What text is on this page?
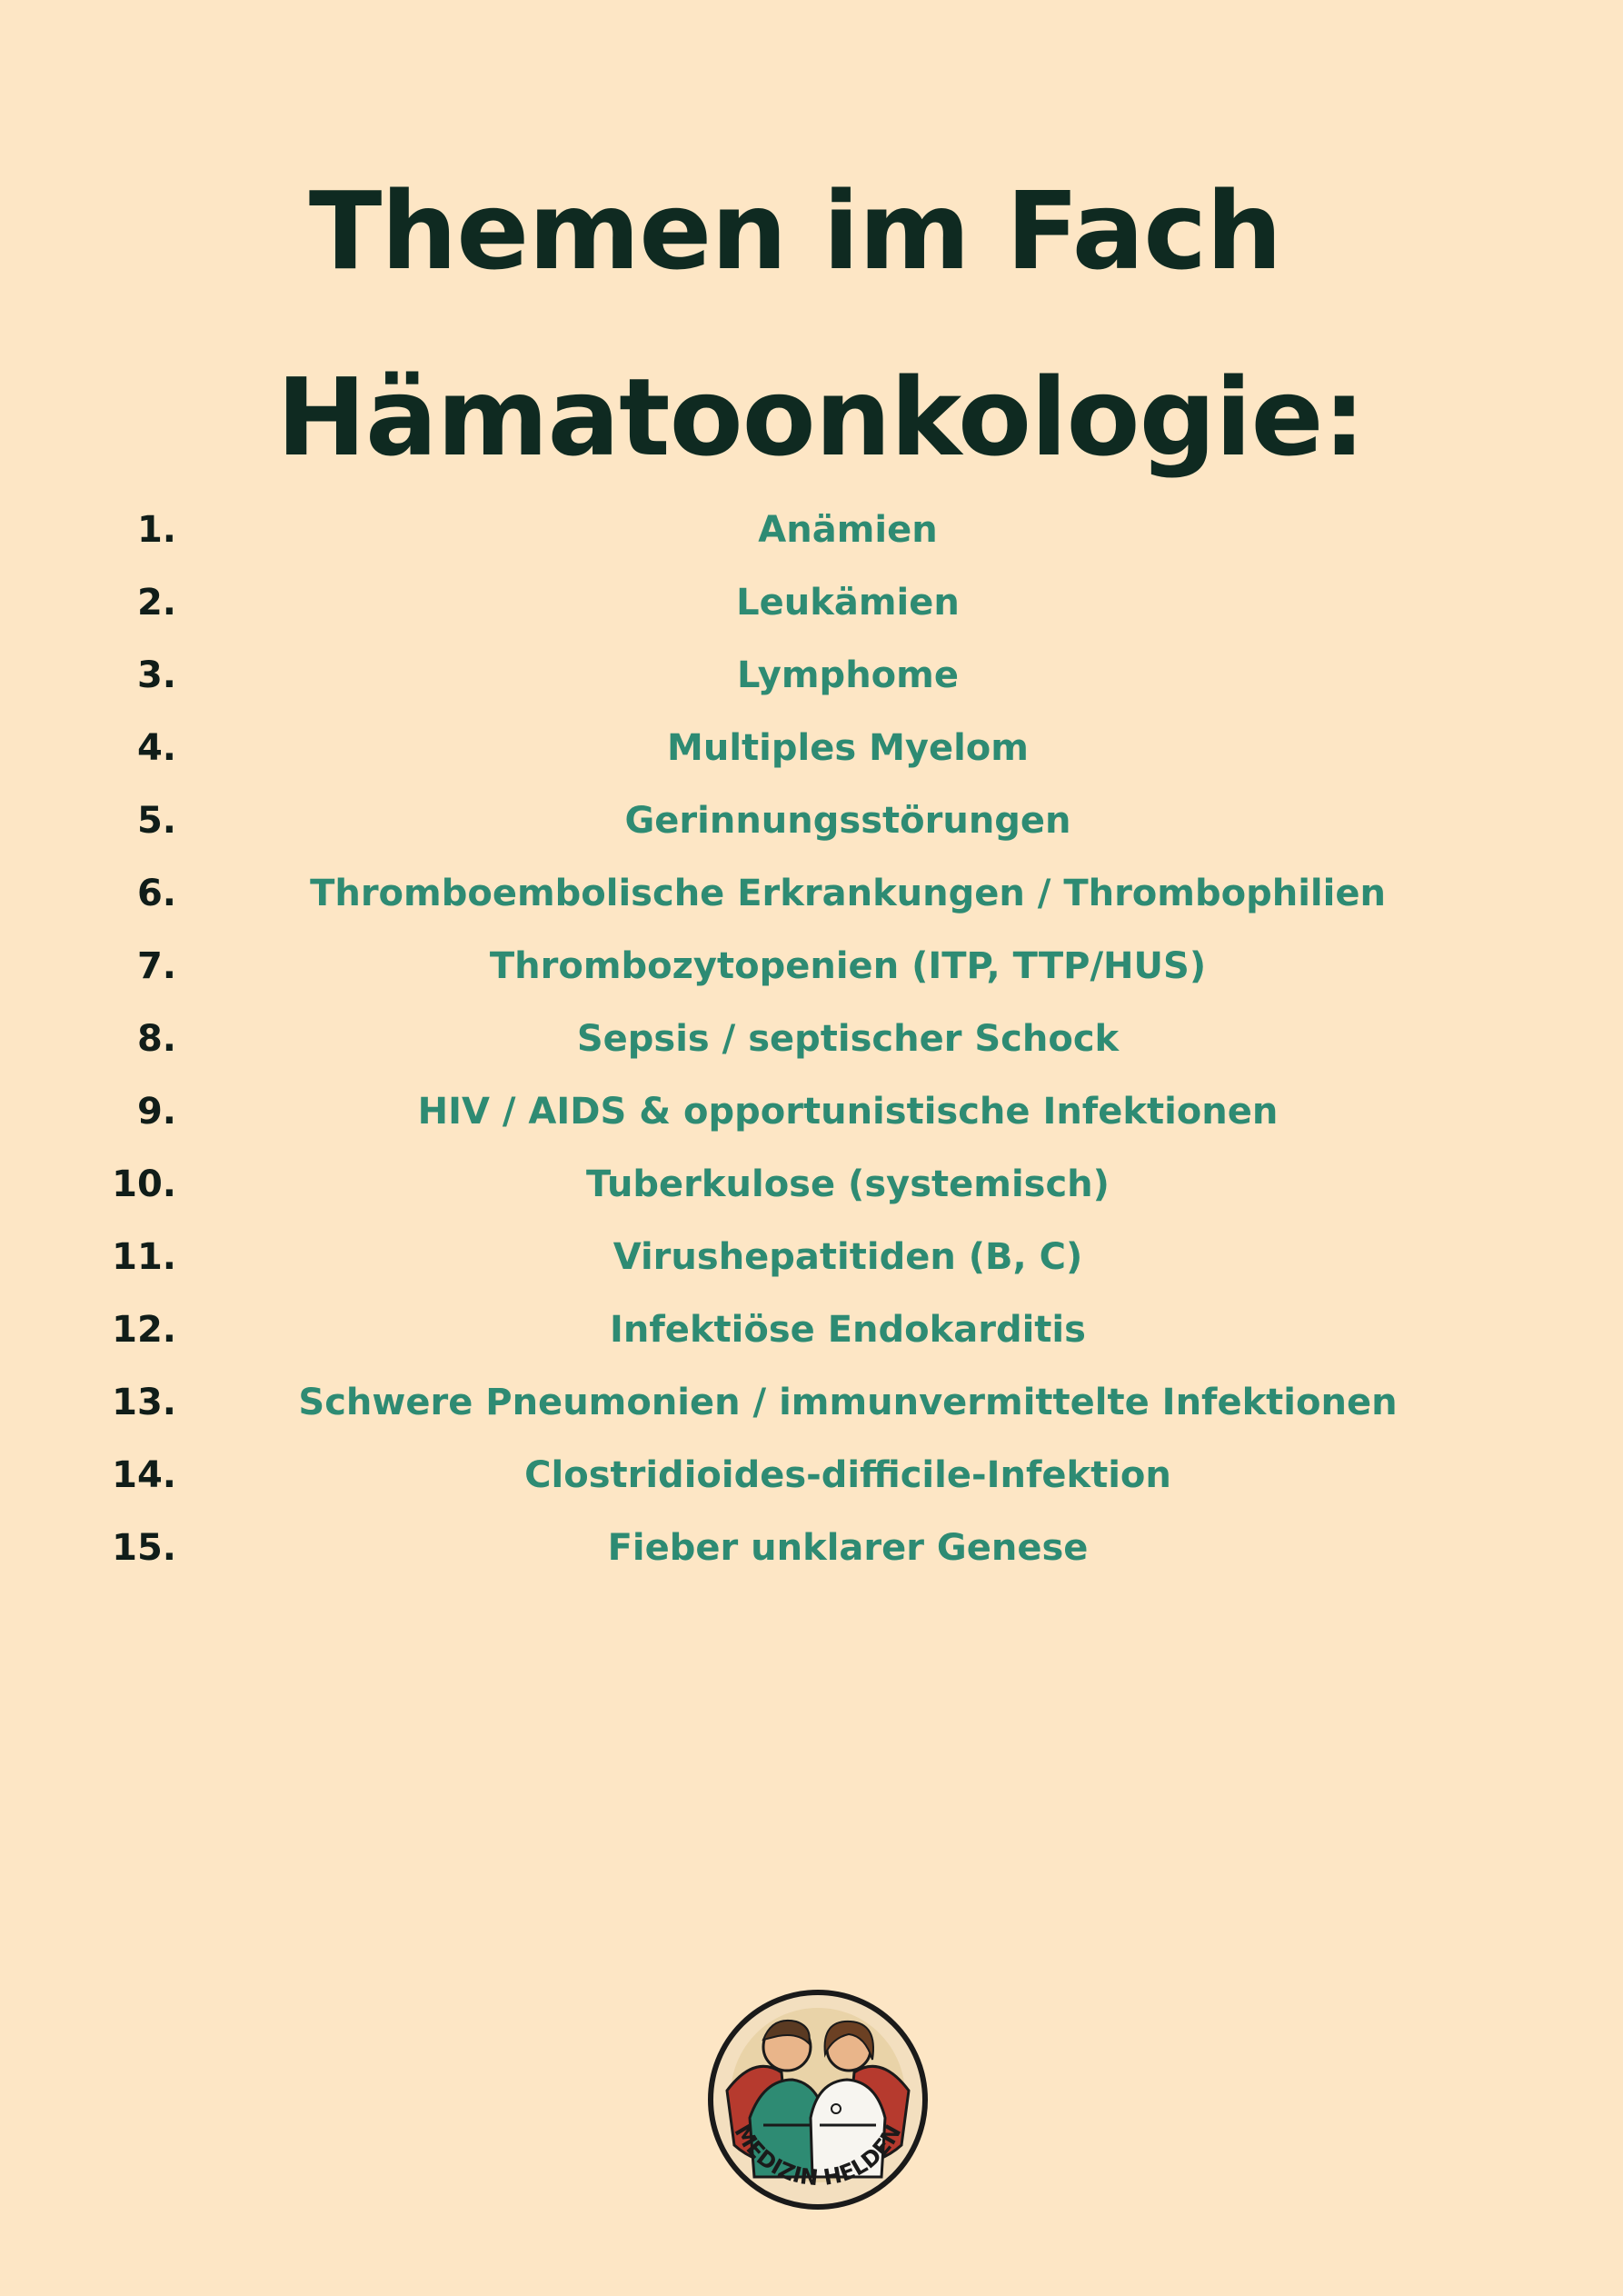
Themen im Fach
Hämatoonkologie:
1.	Anämien
2.	Leukämien
3.	Lymphome
4.	Multiples Myelom
5.	Gerinnungsstörungen
6.	Thromboembolische Erkrankungen / Thrombophilien
7.	Thrombozytopenien (ITP, TTP/HUS)
8.	Sepsis / septischer Schock
9.	HIV / AIDS & opportunistische Infektionen
10.	Tuberkulose (systemisch)
11.	Virushepatitiden (B, C)
12.	Infektiöse Endokarditis
13.	Schwere Pneumonien / immunvermittelte Infektionen
14.	Clostridioides-difficile-Infektion
15.	Fieber unklarer Genese
MEDIZIN HELDEN
